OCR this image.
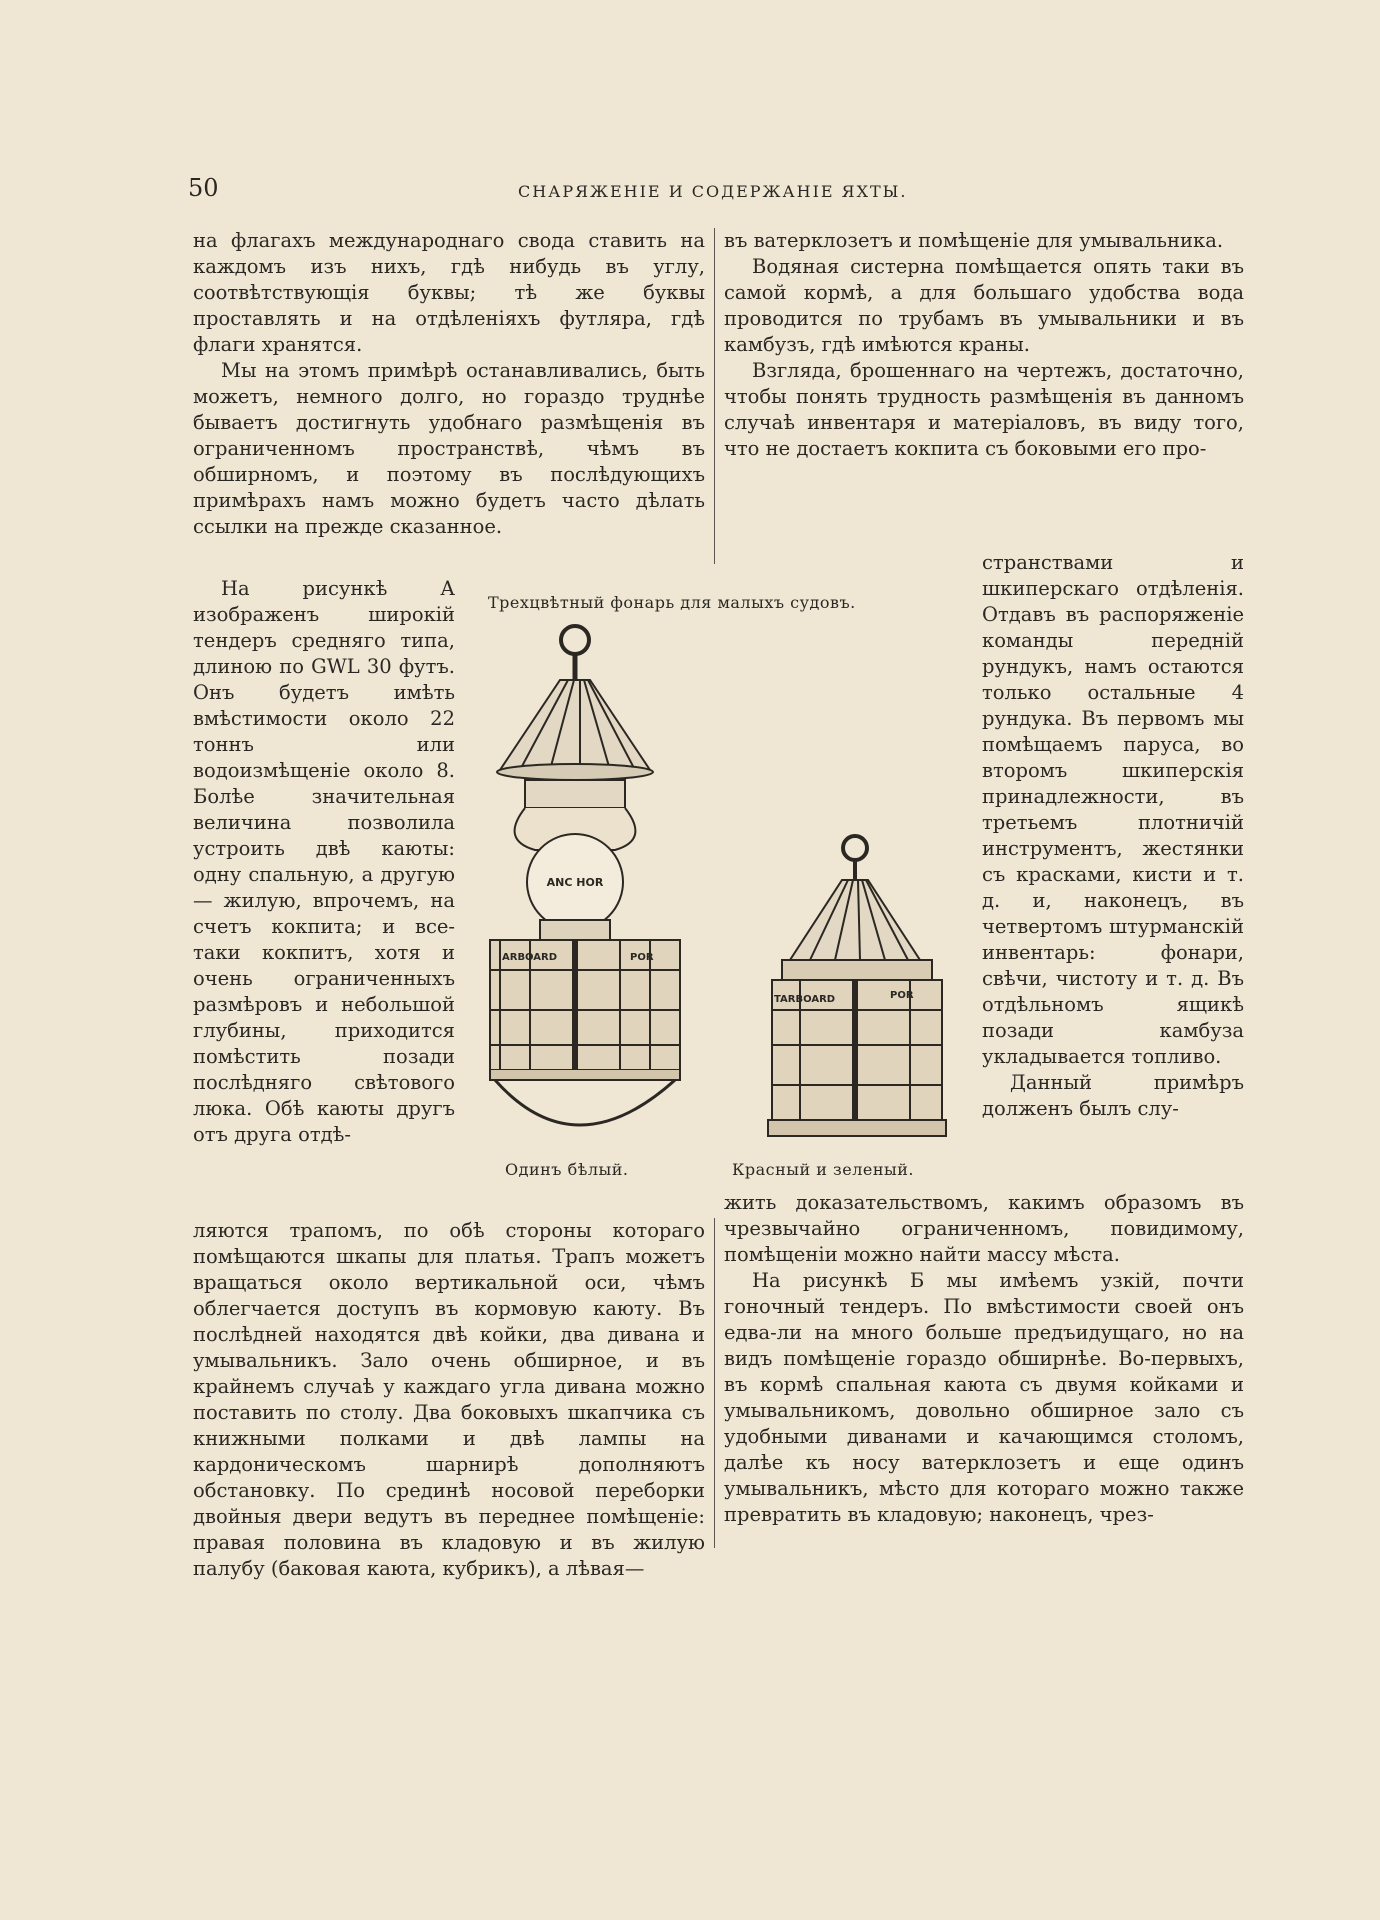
50	СНАРЯЖЕНІЕ И СОДЕРЖАНІЕ ЯХТЫ.

на флагахъ международнаго свода ставить на каждомъ изъ нихъ, гдѣ нибудь въ углу, соотвѣтствующія буквы; тѣ же буквы проставлять и на отдѣленіяхъ футляра, гдѣ флаги хранятся.

Мы на этомъ примѣрѣ останавливались, быть можетъ, немного долго, но гораздо труднѣе бываетъ достигнуть удобнаго размѣщенія въ ограниченномъ пространствѣ, чѣмъ въ обширномъ, и поэтому въ послѣдующихъ примѣрахъ намъ можно будетъ часто дѣлать ссылки на прежде сказанное.

въ ватерклозетъ и помѣщеніе для умывальника.

Водяная систерна помѣщается опять таки въ самой кормѣ, а для большаго удобства вода проводится по трубамъ въ умывальники и въ камбузъ, гдѣ имѣются краны.

Взгляда, брошеннаго на чертежъ, достаточно, чтобы понять трудность размѣщенія въ данномъ случаѣ инвентаря и матеріаловъ, въ виду того, что не достаетъ кокпита съ боковыми его про-

На рисункѣ А изображенъ широкій тендеръ средняго типа, длиною по GWL 30 футъ. Онъ будетъ имѣть вмѣстимости около 22 тоннъ или водоизмѣщеніе около 8. Болѣе значительная величина позволила устроить двѣ каюты: одну спальную, а другую — жилую, впрочемъ, на счетъ кокпита; и все-таки кокпитъ, хотя и очень ограниченныхъ размѣровъ и небольшой глубины, приходится помѣстить позади послѣдняго свѣтового люка. Обѣ каюты другъ отъ друга отдѣ-

странствами и шкиперскаго отдѣленія. Отдавъ въ распоряженіе команды передній рундукъ, намъ остаются только остальные 4 рундука. Въ первомъ мы помѣщаемъ паруса, во второмъ шкиперскія принадлежности, въ третьемъ плотничій инструментъ, жестянки съ красками, кисти и т. д. и, наконецъ, въ четвертомъ штурманскій инвентарь: фонари, свѣчи, чистоту и т. д. Въ отдѣльномъ ящикѣ позади камбуза укладывается топливо.

Данный примѣръ долженъ былъ слу-

Трехцвѣтный фонарь для малыхъ судовъ.
ANC HOR
ARBOARD	POR
TARBOARD	POR
Одинъ бѣлый.	Красный и зеленый.

ляются трапомъ, по обѣ стороны котораго помѣщаются шкапы для платья. Трапъ можетъ вращаться около вертикальной оси, чѣмъ облегчается доступъ въ кормовую каюту. Въ послѣдней находятся двѣ койки, два дивана и умывальникъ. Зало очень обширное, и въ крайнемъ случаѣ у каждаго угла дивана можно поставить по столу. Два боковыхъ шкапчика съ книжными полками и двѣ лампы на кардоническомъ шарнирѣ дополняютъ обстановку. По срединѣ носовой переборки двойныя двери ведутъ въ переднее помѣщеніе: правая половина въ кладовую и въ жилую палубу (баковая каюта, кубрикъ), а лѣвая—

жить доказательствомъ, какимъ образомъ въ чрезвычайно ограниченномъ, повидимому, помѣщеніи можно найти массу мѣста.

На рисункѣ Б мы имѣемъ узкій, почти гоночный тендеръ. По вмѣстимости своей онъ едва-ли на много больше предъидущаго, но на видъ помѣщеніе гораздо обширнѣе. Во-первыхъ, въ кормѣ спальная каюта съ двумя койками и умывальникомъ, довольно обширное зало съ удобными диванами и качающимся столомъ, далѣе къ носу ватерклозетъ и еще одинъ умывальникъ, мѣсто для котораго можно также превратить въ кладовую; наконецъ, чрез-
